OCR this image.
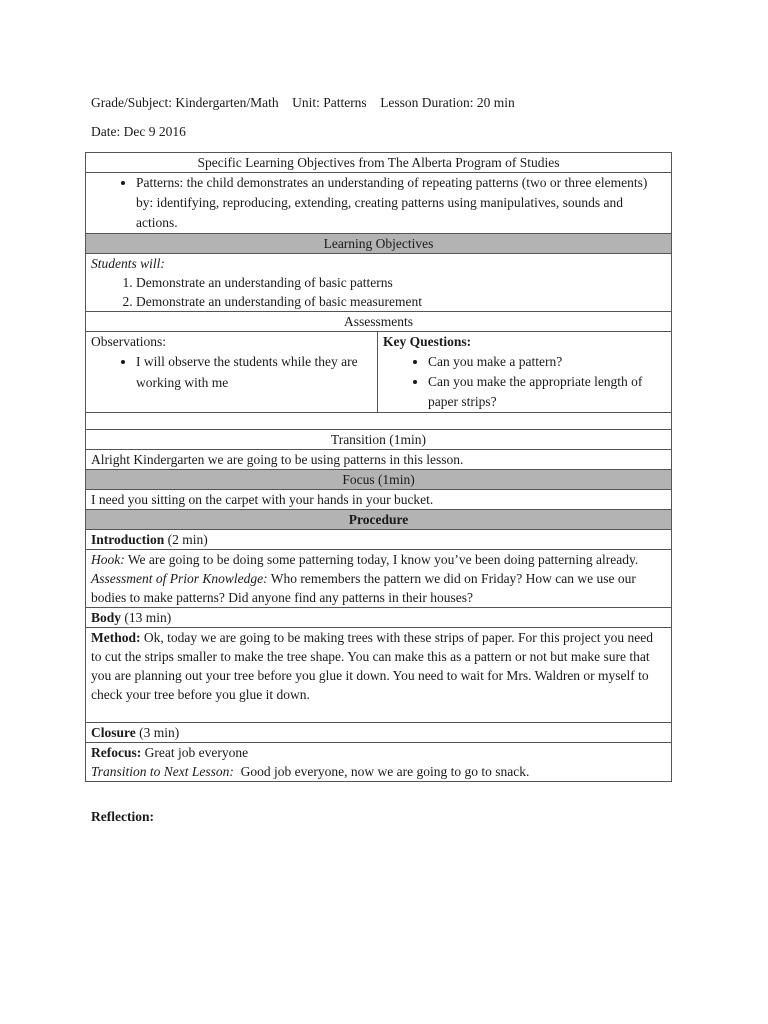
Grade/Subject: Kindergarten/Math    Unit: Patterns    Lesson Duration: 20 min
Date: Dec 9 2016
Specific Learning Objectives from The Alberta Program of Studies

• Patterns: the child demonstrates an understanding of repeating patterns (two or three elements) by: identifying, reproducing, extending, creating patterns using manipulatives, sounds and actions.

Learning Objectives

Students will:
1. Demonstrate an understanding of basic patterns
2. Demonstrate an understanding of basic measurement

Assessments

Observations:
• I will observe the students while they are working with me

Key Questions:
• Can you make a pattern?
• Can you make the appropriate length of paper strips?

Transition (1min)
Alright Kindergarten we are going to be using patterns in this lesson.
Focus (1min)
I need you sitting on the carpet with your hands in your bucket.
Procedure
Introduction (2 min)

Hook: We are going to be doing some patterning today, I know you’ve been doing patterning already.
Assessment of Prior Knowledge: Who remembers the pattern we did on Friday? How can we use our bodies to make patterns? Did anyone find any patterns in their houses?

Body (13 min)
Method: Ok, today we are going to be making trees with these strips of paper. For this project you need to cut the strips smaller to make the tree shape. You can make this as a pattern or not but make sure that you are planning out your tree before you glue it down. You need to wait for Mrs. Waldren or myself to check your tree before you glue it down.
Closure (3 min)

Refocus: Great job everyone
Transition to Next Lesson:  Good job everyone, now we are going to go to snack.
Reflection:
